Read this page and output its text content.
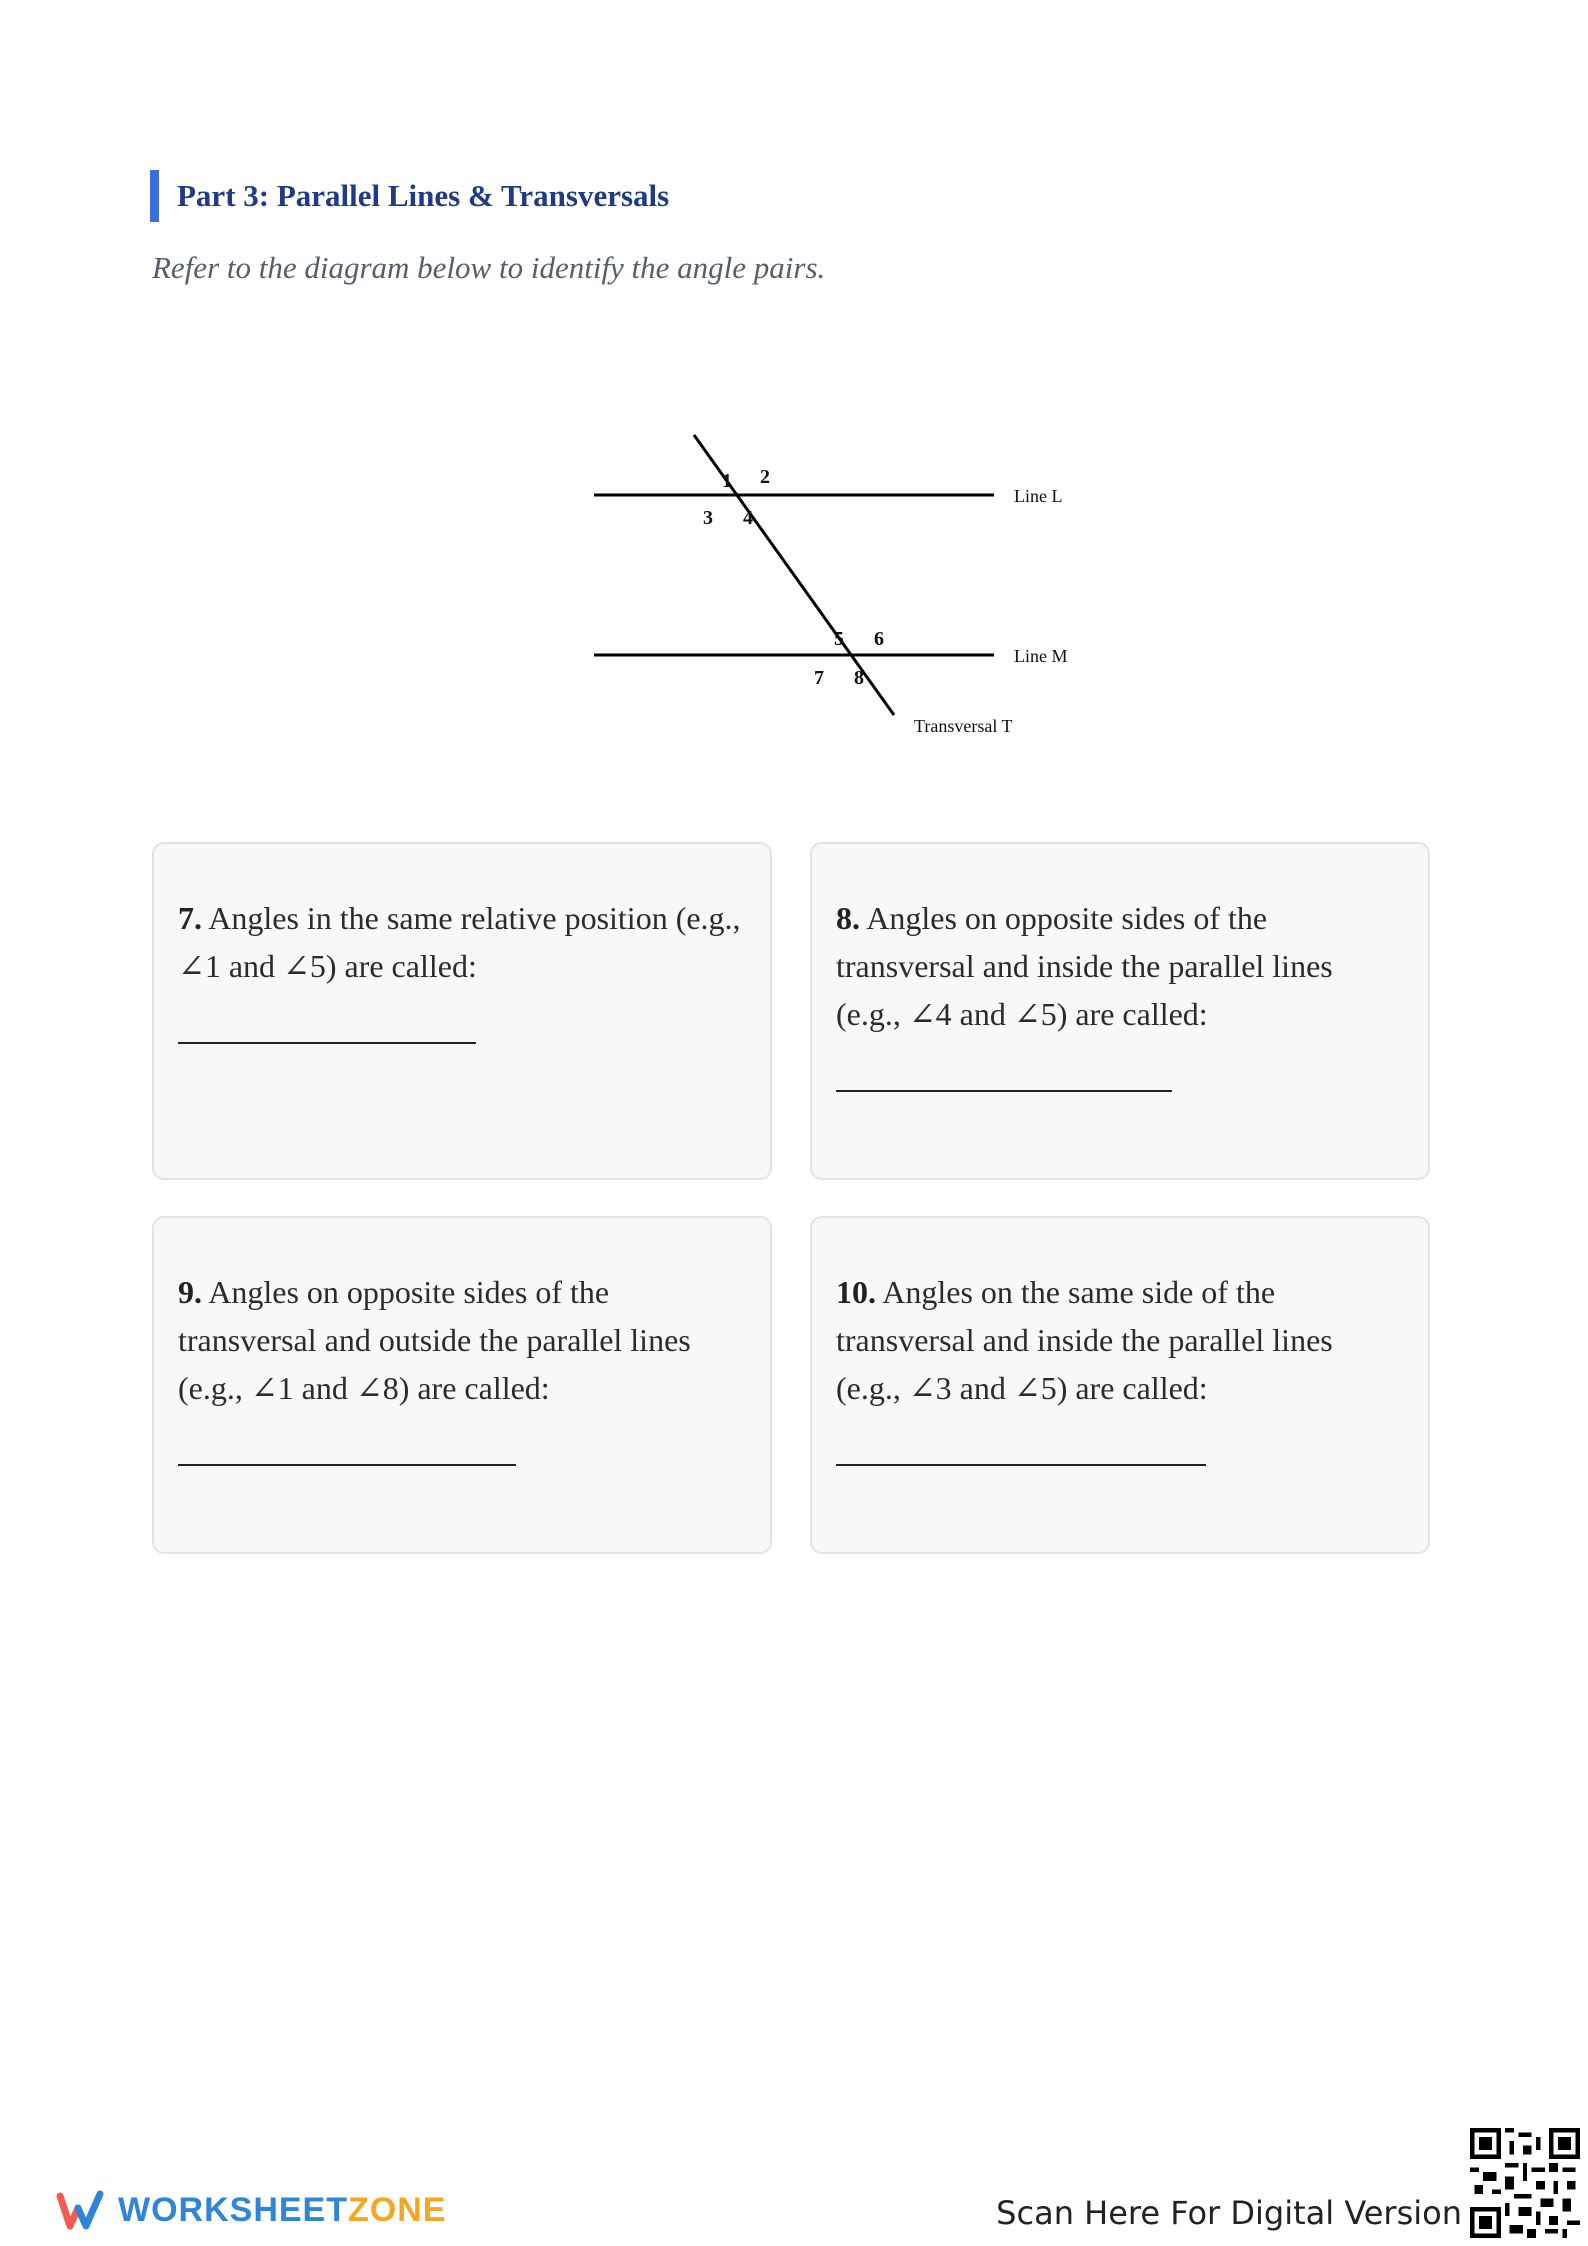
Part 3: Parallel Lines & Transversals
Refer to the diagram below to identify the angle pairs.
1 2
3 4
5 6
7 8
Line L
Line M
Transversal T
7. Angles in the same relative position (e.g., ∠1 and ∠5) are called:
8. Angles on opposite sides of the transversal and inside the parallel lines (e.g., ∠4 and ∠5) are called:
9. Angles on opposite sides of the transversal and outside the parallel lines (e.g., ∠1 and ∠8) are called:
10. Angles on the same side of the transversal and inside the parallel lines (e.g., ∠3 and ∠5) are called:
WORKSHEETZONE	Scan Here For Digital Version
